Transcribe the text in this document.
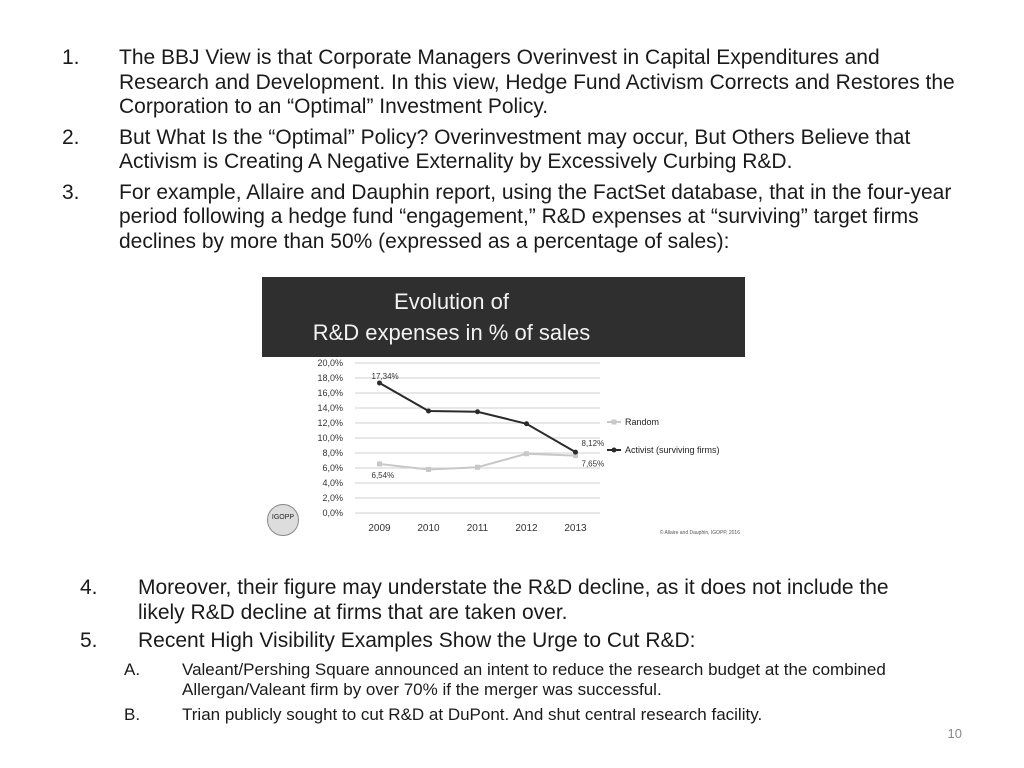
1. The BBJ View is that Corporate Managers Overinvest in Capital Expenditures and Research and Development. In this view, Hedge Fund Activism Corrects and Restores the Corporation to an “Optimal” Investment Policy.
2. But What Is the “Optimal” Policy? Overinvestment may occur, But Others Believe that Activism is Creating A Negative Externality by Excessively Curbing R&D.
3. For example, Allaire and Dauphin report, using the FactSet database, that in the four-year period following a hedge fund “engagement,” R&D expenses at “surviving” target firms declines by more than 50% (expressed as a percentage of sales):
Evolution of
R&D expenses in % of sales
0,0%
2,0%
4,0%
6,0%
8,0%
10,0%
12,0%
14,0%
16,0%
18,0%
20,0%
2009	2010	2011	2012	2013
Random
Activist (surviving firms)
17,34%
6,54%
8,12%
7,65%
© Allaire and Dauphin, IGOPP, 2016
IGOPP
4. Moreover, their figure may understate the R&D decline, as it does not include the likely R&D decline at firms that are taken over.
5. Recent High Visibility Examples Show the Urge to Cut R&D:
A. Valeant/Pershing Square announced an intent to reduce the research budget at the combined Allergan/Valeant firm by over 70% if the merger was successful.
B. Trian publicly sought to cut R&D at DuPont. And shut central research facility.
10
